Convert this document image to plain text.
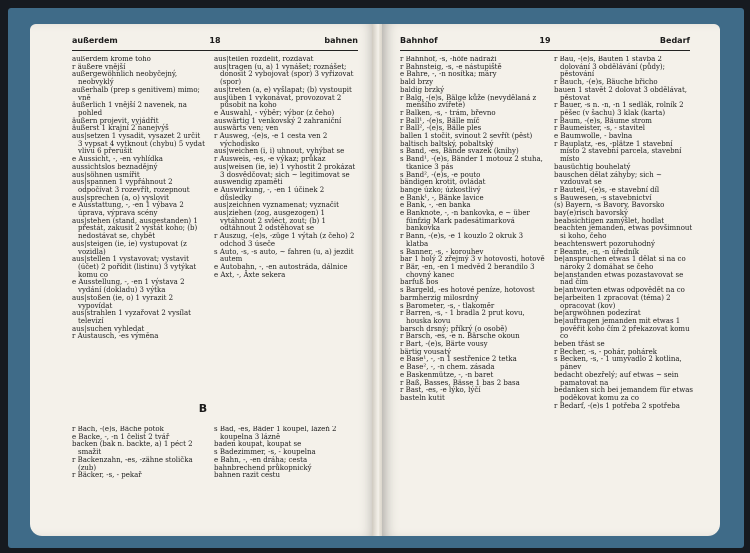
außerdem	18	bahnen

außerdem kromě toho

r äußere vnější

außergewöhnlich neobyčejný, neobvyklý

außerhalb (prep s genitivem) mimo; vně

äußerlich 1 vnější 2 navenek, na pohled

äußern projevit, vyjádřit

äußerst 1 krajní 2 nanejvýš

aus|setzen 1 vysadit, vysazet 2 určit 3 vypsat 4 vytknout (chybu) 5 vydat vlivu 6 přerušit

e Aussicht, -, -en vyhlídka

aussichtslos beznadějný

aus|söhnen usmířit

aus|spannen 1 vypřáhnout 2 odpočívat 3 rozevřít, rozepnout

aus|sprechen (a, o) vyslovit

e Ausstattung, -, -en 1 výbava 2 úprava, výprava scény

aus|stehen (stand, ausgestanden) 1 přestát, zakusit 2 vystát koho; (b) nedostávat se, chybět

aus|steigen (ie, ie) vystupovat (z vozidla)

aus|stellen 1 vystavovat; vystavit (účet) 2 pořídit (listinu) 3 vytýkat komu co

e Ausstellung, -, -en 1 výstava 2 vydání (dokladu) 3 výtka

aus|stoßen (ie, o) 1 vyrazit 2 vypovídat

aus|strahlen 1 vyzařovat 2 vysílat televizí

aus|suchen vyhledat

r Austausch, -es výměna

aus|teilen rozdělit, rozdávat

aus|tragen (u, a) 1 vynášet; roznášet; donosit 2 vybojovat (spor) 3 vyřizovat (spor)

aus|treten (a, e) vyšlapat; (b) vystoupit

aus|üben 1 vykonávat, provozovat 2 působit na koho

e Auswahl, - výběr; výbor (z čeho)

auswärtig 1 venkovský 2 zahraniční

auswärts ven; ven

r Ausweg, -(e)s, -e 1 cesta ven 2 východisko

aus|weichen (i, i) uhnout, vyhýbat se

r Ausweis, -es, -e výkaz; průkaz

aus|weisen (ie, ie) 1 vyhostit 2 prokázat 3 dosvědčovat; sich ~ legitimovat se

auswendig zpaměti

e Auswirkung, -, -en 1 účinek 2 důsledky

aus|zeichnen vyznamenat; vyznačit

aus|ziehen (zog, ausgezogen) 1 vytáhnout 2 svléct, zout; (b) 1 odtáhnout 2 odstěhovat se

r Auszug, -(e)s, -züge 1 výtah (z čeho) 2 odchod 3 úseče

s Auto, -s, -s auto, ~ fahren (u, a) jezdit autem

e Autobahn, -, -en autostráda, dálnice

e Axt, -, Äxte sekera

B

r Bach, -(e)s, Bäche potok

e Backe, -, -n 1 čelist 2 tvář

backen (bak n. backte, a) 1 péct 2 smažit

r Backenzahn, -es, -zähne stolička (zub)

r Bäcker, -s, - pekař

s Bad, -es, Bäder 1 koupel, lázeň 2 koupelna 3 lázně

baden koupat, koupat se

s Badezimmer, -s, - koupelna

e Bahn, -, -en dráha; cesta

bahnbrechend průkopnický

bahnen razit cestu

Bahnhof	19	Bedarf

r Bahnhof, -s, -höfe nádraží

r Bahnsteig, -s, -e nástupiště

e Bahre, -, -n nosítka; máry

bald brzy

baldig brzký

r Balg, -(e)s, Bälge kůže (nevydělaná z menšího zvířete)

r Balken, -s, - trám, břevno

r Ball¹, -(e)s, Bälle míč

r Ball², -(e)s, Bälle ples

ballen 1 stočit, svinout 2 sevřít (pěst)

baltisch baltský, pobaltský

s Band, -es, Bände svazek (knihy)

s Band¹, -(e)s, Bänder 1 motouz 2 stuha, tkanice 3 pás

s Band², -(e)s, -e pouto

bändigen krotit, ovládat

bange úzko; úzkostlivý

e Bank¹, -, Bänke lavice

e Bank, -, -en banka

e Banknote, -, -n bankovka, e ~ über fünfzig Mark padesátimarková bankovka

r Bann, -(e)s, -e 1 kouzlo 2 okruk 3 klatba

s Banner, -s, - korouhev

bar 1 holý 2 zřejmý 3 v hotovosti, hotově

r Bär, -en, -en 1 medvěd 2 berandilo 3 chovný kanec

barfuß bos

s Bargeld, -es hotové peníze, hotovost

barmherzig milosrdný

s Barometer, -s, - tlakoměr

r Barren, -s, - 1 bradla 2 prut kovu, houska kovu

barsch drsný; příkrý (o osobě)

r Barsch, -es, -e n. Bärsche okoun

r Bart, -(e)s, Bärte vousy

bärtig vousatý

e Base¹, -, -n 1 sestřenice 2 tetka

e Base², -, -n chem. zásada

e Baskenmütze, -, -n baret

r Baß, Basses, Bässe 1 bas 2 basa

r Bast, -es, -e lýko, lýčí

basteln kutit

r Bau, -(e)s, Bauten 1 stavba 2 dolování 3 obdělávání (půdy); pěstování

r Bauch, -(e)s, Bäuche břicho

bauen 1 stavět 2 dolovat 3 obdělávat, pěstovat

r Bauer, -s n. -n, -n 1 sedlák, rolník 2 pěšec (v šachu) 3 klak (karta)

r Baum, -(e)s, Bäume strom

r Baumeister, -s, - stavitel

e Baumwolle, - bavlna

r Bauplatz, -es, -plätze 1 stavební místo 2 stavební parcela, stavební místo

bausüchtig bouhelatý

bauschen dělat záhyby; sich ~ vzdouvat se

r Bauteil, -(e)s, -e stavební díl

s Bauwesen, -s stavebnictví

(s) Bayern, -s Bavory, Bavorsko

bay(e)risch bavorský

beabsichtigen zamýšlet, hodlat

beachten jemanden, etwas povšimnout si koho, čeho

beachtenswert pozoruhodný

r Beamte, -n, -n úředník

be|anspruchen etwas 1 dělat si na co nároky 2 domáhat se čeho

be|anstanden etwas pozastavovat se nad čím

be|antworten etwas odpovědět na co

be|arbeiten 1 zpracovat (téma) 2 opracovat (kov)

be|argwöhnen podezírat

be|auftragen jemanden mit etwas 1 pověřit koho čím 2 překazovat komu co

beben třást se

r Becher, -s, - pohár, pohárek

s Becken, -s, - 1 umyvadlo 2 kotlina, pánev

bedacht obezřelý; auf etwas ~ sein pamatovat na

bedanken sich bei jemandem für etwas poděkovat komu za co

r Bedarf, -(e)s 1 potřeba 2 spotřeba
